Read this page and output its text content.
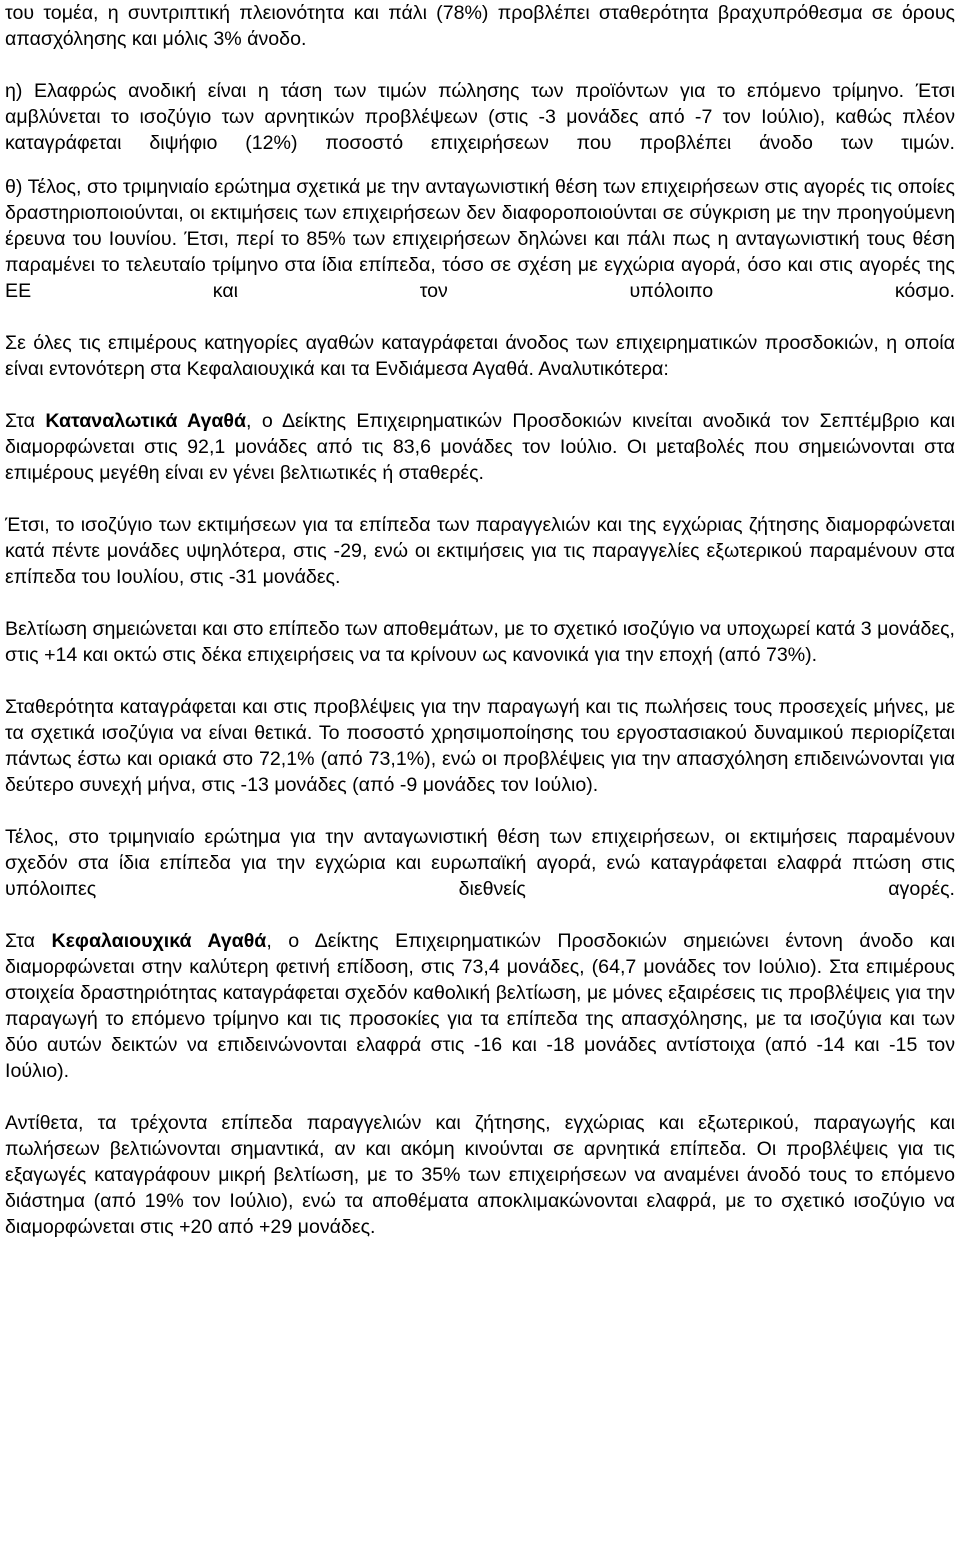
του τομέα, η συντριπτική πλειονότητα και πάλι (78%) προβλέπει σταθερότητα βραχυπρόθεσμα σε όρους απασχόλησης και μόλις 3% άνοδο.

η) Ελαφρώς ανοδική είναι η τάση των τιμών πώλησης των προϊόντων για το επόμενο τρίμηνο. Έτσι αμβλύνεται το ισοζύγιο των αρνητικών προβλέψεων (στις -3 μονάδες από -7 τον Ιούλιο), καθώς πλέον καταγράφεται διψήφιο (12%) ποσοστό επιχειρήσεων που προβλέπει άνοδο των τιμών.

θ) Τέλος, στο τριμηνιαίο ερώτημα σχετικά με την ανταγωνιστική θέση των επιχειρήσεων στις αγορές τις οποίες δραστηριοποιούνται, οι εκτιμήσεις των επιχειρήσεων δεν διαφοροποιούνται σε σύγκριση με την προηγούμενη έρευνα του Ιουνίου. Έτσι, περί το 85% των επιχειρήσεων δηλώνει και πάλι πως η ανταγωνιστική τους θέση παραμένει το τελευταίο τρίμηνο στα ίδια επίπεδα, τόσο σε σχέση με εγχώρια αγορά, όσο και στις αγορές της ΕΕ και τον υπόλοιπο κόσμο.

Σε όλες τις επιμέρους κατηγορίες αγαθών καταγράφεται άνοδος των επιχειρηματικών προσδοκιών, η οποία είναι εντονότερη στα Κεφαλαιουχικά και τα Ενδιάμεσα Αγαθά. Αναλυτικότερα:

Στα Καταναλωτικά Αγαθά, ο Δείκτης Επιχειρηματικών Προσδοκιών κινείται ανοδικά τον Σεπτέμβριο και διαμορφώνεται στις 92,1 μονάδες από τις 83,6 μονάδες τον Ιούλιο. Οι μεταβολές που σημειώνονται στα επιμέρους μεγέθη είναι εν γένει βελτιωτικές ή σταθερές.

Έτσι, το ισοζύγιο των εκτιμήσεων για τα επίπεδα των παραγγελιών και της εγχώριας ζήτησης διαμορφώνεται κατά πέντε μονάδες υψηλότερα, στις -29, ενώ οι εκτιμήσεις για τις παραγγελίες εξωτερικού παραμένουν στα επίπεδα του Ιουλίου, στις -31 μονάδες.

Βελτίωση σημειώνεται και στο επίπεδο των αποθεμάτων, με το σχετικό ισοζύγιο να υποχωρεί κατά 3 μονάδες, στις +14 και οκτώ στις δέκα επιχειρήσεις να τα κρίνουν ως κανονικά για την εποχή (από 73%).

Σταθερότητα καταγράφεται και στις προβλέψεις για την παραγωγή και τις πωλήσεις τους προσεχείς μήνες, με τα σχετικά ισοζύγια να είναι θετικά. Το ποσοστό χρησιμοποίησης του εργοστασιακού δυναμικού περιορίζεται πάντως έστω και οριακά στο 72,1% (από 73,1%), ενώ οι προβλέψεις για την απασχόληση επιδεινώνονται για δεύτερο συνεχή μήνα, στις -13 μονάδες (από -9 μονάδες τον Ιούλιο).

Τέλος, στο τριμηνιαίο ερώτημα για την ανταγωνιστική θέση των επιχειρήσεων, οι εκτιμήσεις παραμένουν σχεδόν στα ίδια επίπεδα για την εγχώρια και ευρωπαϊκή αγορά, ενώ καταγράφεται ελαφρά πτώση στις υπόλοιπες διεθνείς αγορές.

Στα Κεφαλαιουχικά Αγαθά, ο Δείκτης Επιχειρηματικών Προσδοκιών σημειώνει έντονη άνοδο και διαμορφώνεται στην καλύτερη φετινή επίδοση, στις 73,4 μονάδες, (64,7 μονάδες τον Ιούλιο). Στα επιμέρους στοιχεία δραστηριότητας καταγράφεται σχεδόν καθολική βελτίωση, με μόνες εξαιρέσεις τις προβλέψεις για την παραγωγή το επόμενο τρίμηνο και τις προσοκίες για τα επίπεδα της απασχόλησης, με τα ισοζύγια και των δύο αυτών δεικτών να επιδεινώνονται ελαφρά στις -16 και -18 μονάδες αντίστοιχα (από -14 και -15 τον Ιούλιο).

Αντίθετα, τα τρέχοντα επίπεδα παραγγελιών και ζήτησης, εγχώριας και εξωτερικού, παραγωγής και πωλήσεων βελτιώνονται σημαντικά, αν και ακόμη κινούνται σε αρνητικά επίπεδα. Οι προβλέψεις για τις εξαγωγές καταγράφουν μικρή βελτίωση, με το 35% των επιχειρήσεων να αναμένει άνοδό τους το επόμενο διάστημα (από 19% τον Ιούλιο), ενώ τα αποθέματα αποκλιμακώνονται ελαφρά, με το σχετικό ισοζύγιο να διαμορφώνεται στις +20 από +29 μονάδες.
